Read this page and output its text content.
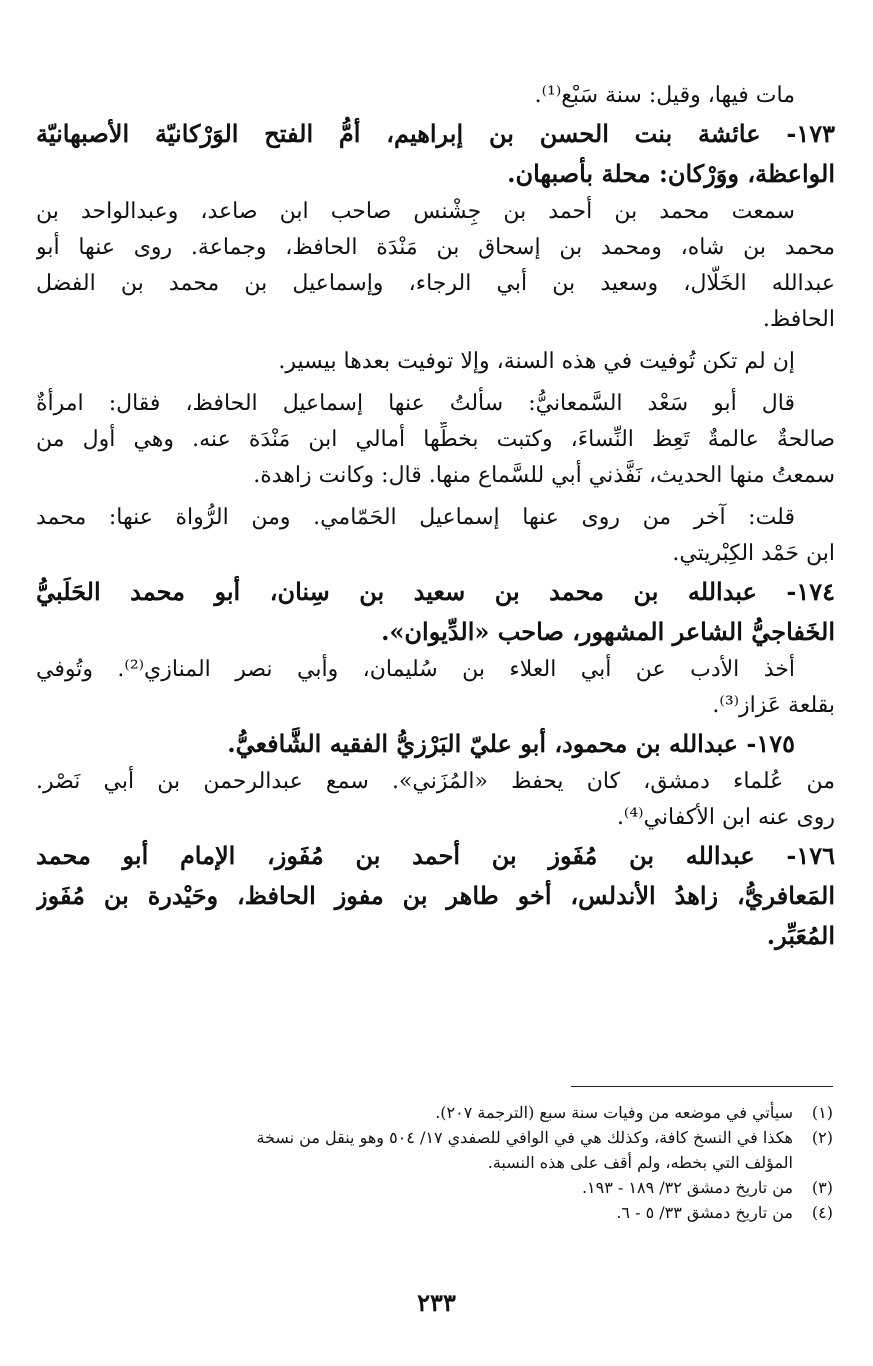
مات فيها، وقيل: سنة سَبْع⁽¹⁾.
١٧٣- عائشة بنت الحسن بن إبراهيم، أمُّ الفتح الوَرْكانيّة الأصبهانيّة
الواعظة، ووَرْكان: محلة بأصبهان.
سمعت محمد بن أحمد بن جِشْنس صاحب ابن صاعد، وعبدالواحد بن
محمد بن شاه، ومحمد بن إسحاق بن مَنْدَة الحافظ، وجماعة. روى عنها أبو
عبدالله الخَلّال، وسعيد بن أبي الرجاء، وإسماعيل بن محمد بن الفضل
الحافظ.
إن لم تكن تُوفيت في هذه السنة، وإلا توفيت بعدها بيسير.
قال أبو سَعْد السَّمعانيُّ: سألتُ عنها إسماعيل الحافظ، فقال: امرأةٌ
صالحةٌ عالمةٌ تَعِظ النِّساءَ، وكتبت بخطِّها أمالي ابن مَنْدَة عنه. وهي أول من
سمعتُ منها الحديث، نَفَّذني أبي للسَّماع منها. قال: وكانت زاهدة.
قلت: آخر من روى عنها إسماعيل الحَمّامي. ومن الرُّواة عنها: محمد
ابن حَمْد الكِبْريتي.
١٧٤- عبدالله بن محمد بن سعيد بن سِنان، أبو محمد الحَلَبيُّ
الخَفاجيُّ الشاعر المشهور، صاحب «الدِّيوان».
أخذ الأدب عن أبي العلاء بن سُليمان، وأبي نصر المنازي⁽²⁾. وتُوفي
بقلعة عَزاز⁽³⁾.
١٧٥- عبدالله بن محمود، أبو عليّ البَرْزيُّ الفقيه الشَّافعيُّ.
من عُلماء دمشق، كان يحفظ «المُزَني». سمع عبدالرحمن بن أبي نَصْر.
روى عنه ابن الأكفاني⁽⁴⁾.
١٧٦- عبدالله بن مُفَوز بن أحمد بن مُفَوز، الإمام أبو محمد
المَعافريُّ، زاهدُ الأندلس، أخو طاهر بن مفوز الحافظ، وحَيْدرة بن مُفَوز
المُعَبِّر.
(١)
سيأتي في موضعه من وفيات سنة سبع (الترجمة ٢٠٧).
(٢)
هكذا في النسخ كافة، وكذلك هي في الوافي للصفدي ١٧/ ٥٠٤ وهو ينقل من نسخة
المؤلف التي بخطه، ولم أقف على هذه النسبة.
(٣)
من تاريخ دمشق ٣٢/ ١٨٩ - ١٩٣.
(٤)
من تاريخ دمشق ٣٣/ ٥ - ٦.
٢٣٣
